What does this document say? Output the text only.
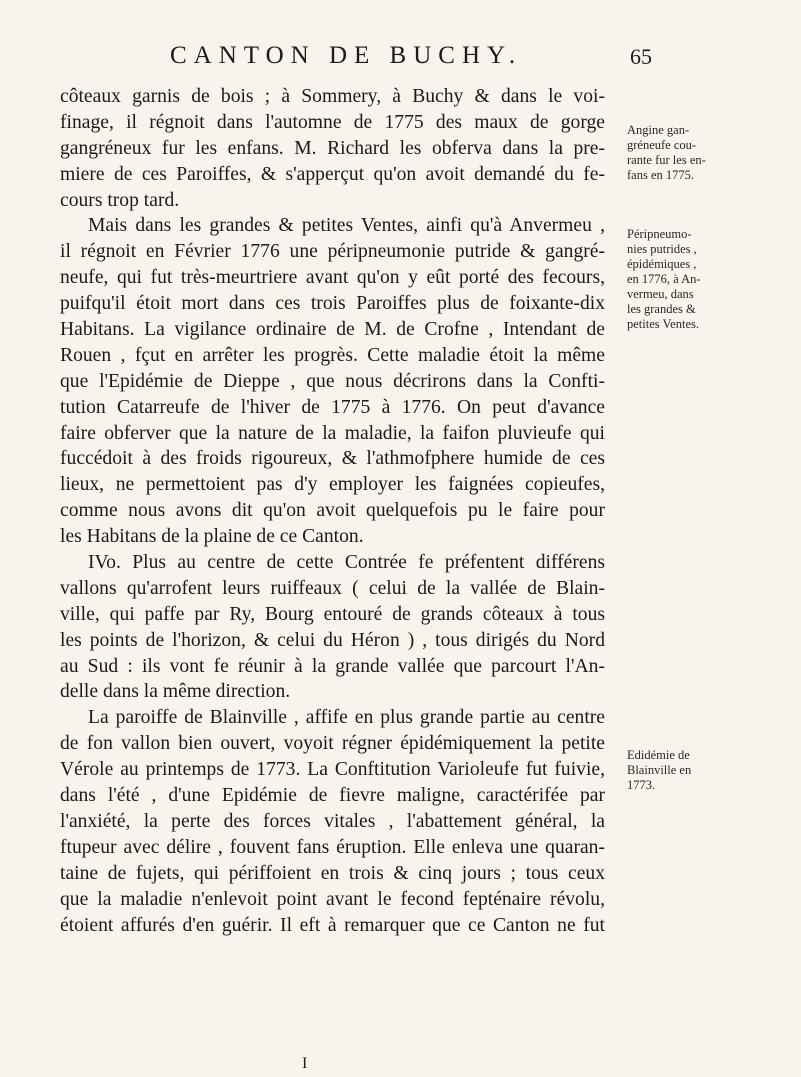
CANTON DE BUCHY.	65
côteaux garnis de bois ; à Sommery, à Buchy & dans le voi-
finage, il régnoit dans l'automne de 1775 des maux de gorge
gangréneux fur les enfans. M. Richard les obferva dans la pre-
miere de ces Paroiffes, & s'apperçut qu'on avoit demandé du fe-
cours trop tard.
Mais dans les grandes & petites Ventes, ainfi qu'à Anvermeu ,
il régnoit en Février 1776 une péripneumonie putride & gangré-
neufe, qui fut très-meurtriere avant qu'on y eût porté des fecours,
puifqu'il étoit mort dans ces trois Paroiffes plus de foixante-dix
Habitans. La vigilance ordinaire de M. de Crofne , Intendant de
Rouen , fçut en arrêter les progrès. Cette maladie étoit la même
que l'Epidémie de Dieppe , que nous décrirons dans la Confti-
tution Catarreufe de l'hiver de 1775 à 1776. On peut d'avance
faire obferver que la nature de la maladie, la faifon pluvieufe qui
fuccédoit à des froids rigoureux, & l'athmofphere humide de ces
lieux, ne permettoient pas d'y employer les faignées copieufes,
comme nous avons dit qu'on avoit quelquefois pu le faire pour
les Habitans de la plaine de ce Canton.
IVo. Plus au centre de cette Contrée fe préfentent différens
vallons qu'arrofent leurs ruiffeaux ( celui de la vallée de Blain-
ville, qui paffe par Ry, Bourg entouré de grands côteaux à tous
les points de l'horizon, & celui du Héron ) , tous dirigés du Nord
au Sud : ils vont fe réunir à la grande vallée que parcourt l'An-
delle dans la même direction.
La paroiffe de Blainville , affife en plus grande partie au centre
de fon vallon bien ouvert, voyoit régner épidémiquement la petite
Vérole au printemps de 1773. La Conftitution Varioleufe fut fuivie,
dans l'été , d'une Epidémie de fievre maligne, caractérifée par
l'anxiété, la perte des forces vitales , l'abattement général, la
ftupeur avec délire , fouvent fans éruption. Elle enleva une quaran-
taine de fujets, qui périffoient en trois & cinq jours ; tous ceux
que la maladie n'enlevoit point avant le fecond fepténaire révolu,
étoient affurés d'en guérir. Il eft à remarquer que ce Canton ne fut
Angine gan-
gréneufe cou-
rante fur les en-
fans en 1775.
Péripneumo-
nies putrides ,
épidémiques ,
en 1776, à An-
vermeu, dans
les grandes &
petites Ventes.
Edidémie de
Blainville en
1773.
I
